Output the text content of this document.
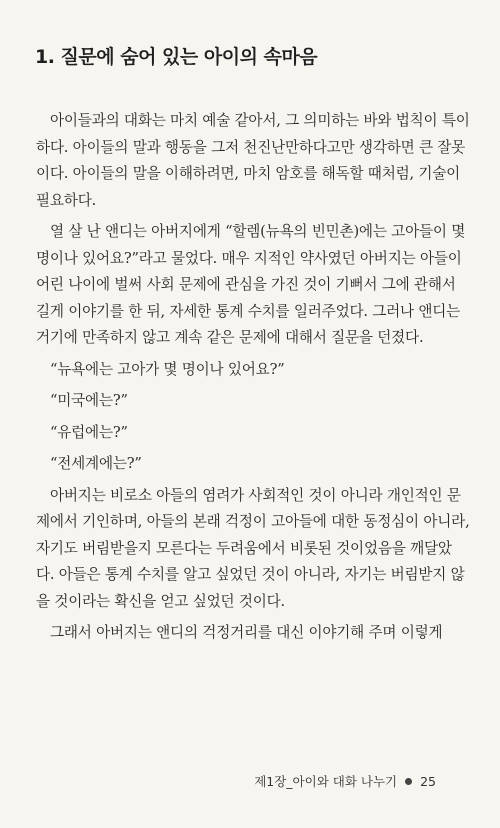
1. 질문에 숨어 있는 아이의 속마음

아이들과의 대화는 마치 예술 같아서, 그 의미하는 바와 법칙이 특이하다. 아이들의 말과 행동을 그저 천진난만하다고만 생각하면 큰 잘못이다. 아이들의 말을 이해하려면, 마치 암호를 해독할 때처럼, 기술이 필요하다.

열 살 난 앤디는 아버지에게 “할렘(뉴욕의 빈민촌)에는 고아들이 몇 명이나 있어요?”라고 물었다. 매우 지적인 약사였던 아버지는 아들이 어린 나이에 벌써 사회 문제에 관심을 가진 것이 기뻐서 그에 관해서 길게 이야기를 한 뒤, 자세한 통계 수치를 일러주었다. 그러나 앤디는 거기에 만족하지 않고 계속 같은 문제에 대해서 질문을 던졌다.

“뉴욕에는 고아가 몇 명이나 있어요?”

“미국에는?”

“유럽에는?”

“전세계에는?”

아버지는 비로소 아들의 염려가 사회적인 것이 아니라 개인적인 문제에서 기인하며, 아들의 본래 걱정이 고아들에 대한 동정심이 아니라, 자기도 버림받을지 모른다는 두려움에서 비롯된 것이었음을 깨달았다. 아들은 통계 수치를 알고 싶었던 것이 아니라, 자기는 버림받지 않을 것이라는 확신을 얻고 싶었던 것이다.

그래서 아버지는 앤디의 걱정거리를 대신 이야기해 주며 이렇게

제1장_아이와 대화 나누기 25
